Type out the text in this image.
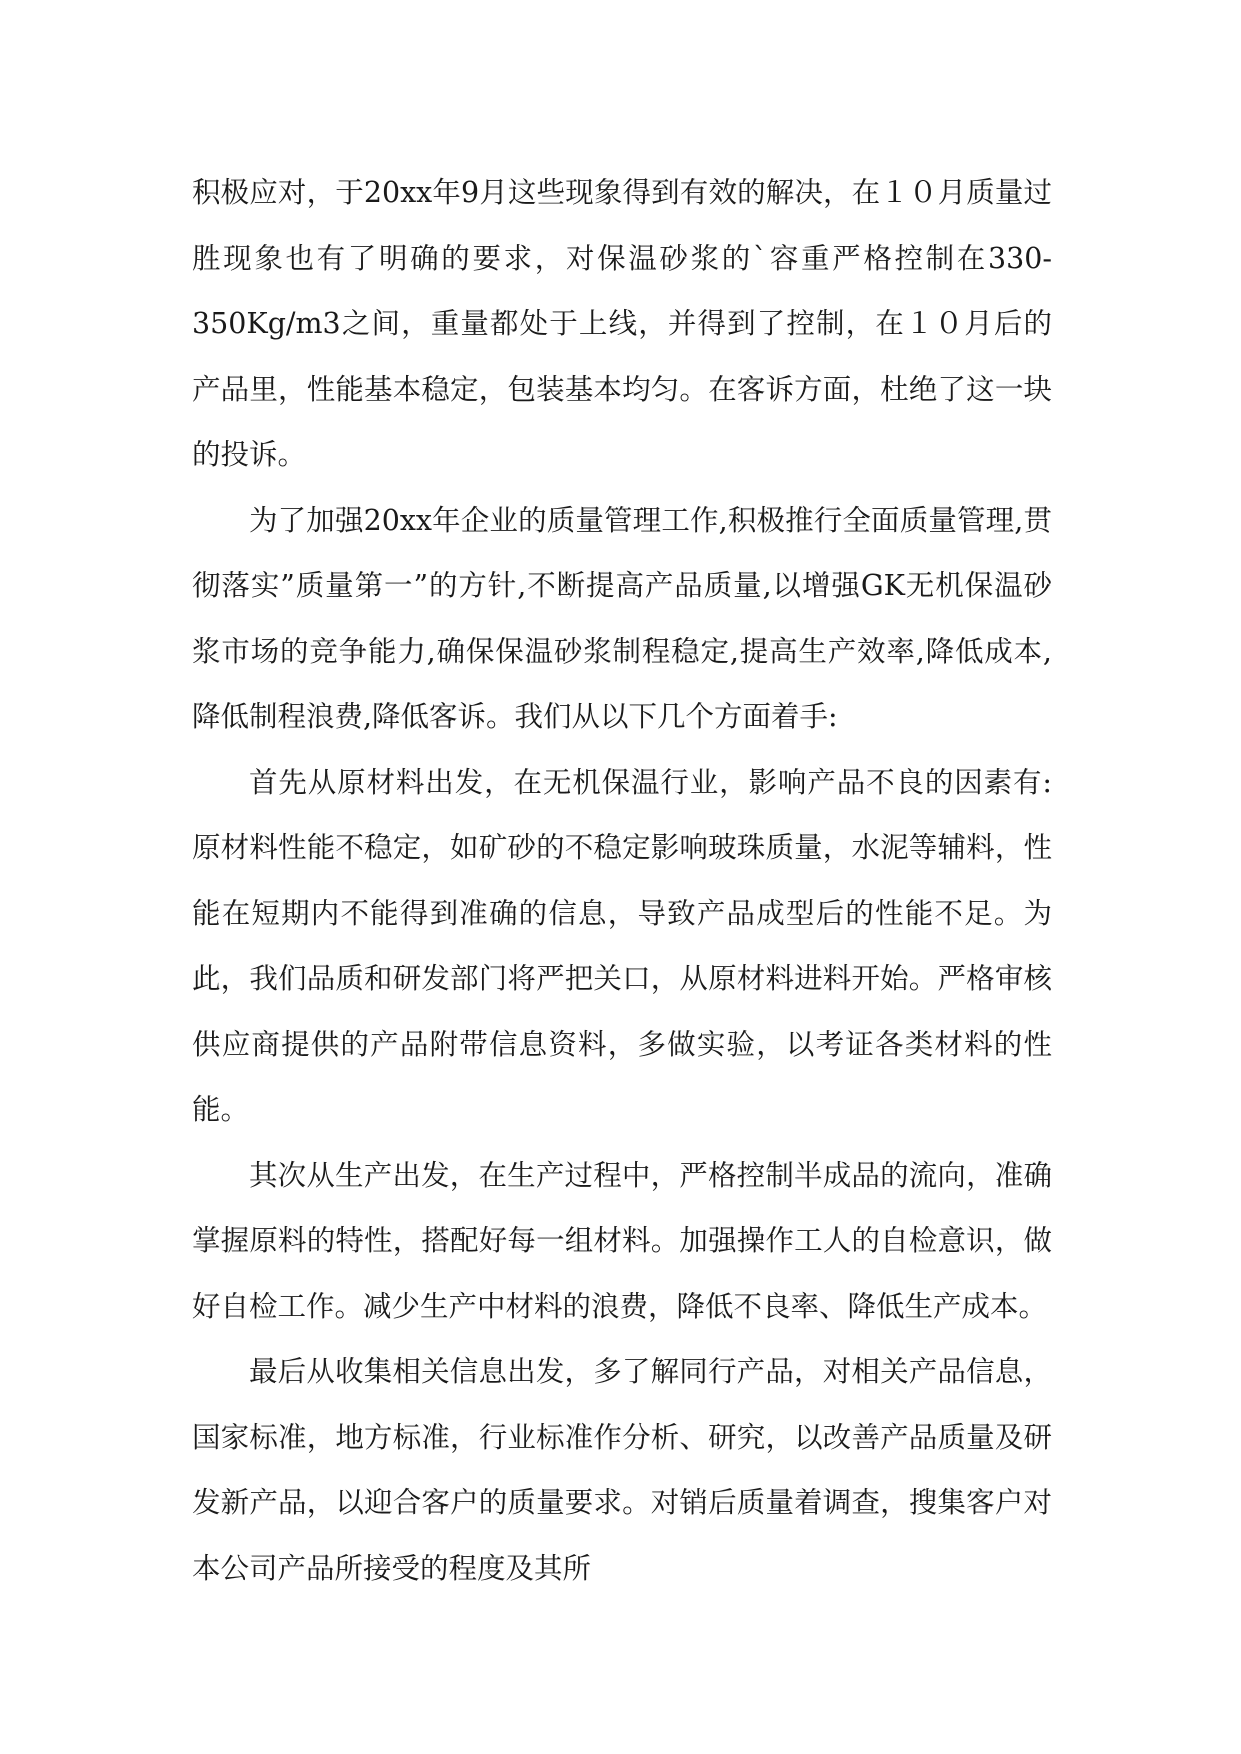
积极应对，于20xx年9月这些现象得到有效的解决，在１０月质量过胜现象也有了明确的要求，对保温砂浆的`容重严格控制在330-350Kg/m3之间，重量都处于上线，并得到了控制，在１０月后的产品里，性能基本稳定，包装基本均匀。在客诉方面，杜绝了这一块的投诉。

为了加强20xx年企业的质量管理工作,积极推行全面质量管理,贯彻落实”质量第一”的方针,不断提高产品质量,以增强GK无机保温砂浆市场的竞争能力,确保保温砂浆制程稳定,提高生产效率,降低成本,降低制程浪费,降低客诉。我们从以下几个方面着手:

首先从原材料出发，在无机保温行业，影响产品不良的因素有:原材料性能不稳定，如矿砂的不稳定影响玻珠质量，水泥等辅料，性能在短期内不能得到准确的信息，导致产品成型后的性能不足。为此，我们品质和研发部门将严把关口，从原材料进料开始。严格审核供应商提供的产品附带信息资料，多做实验，以考证各类材料的性能。

其次从生产出发，在生产过程中，严格控制半成品的流向，准确掌握原料的特性，搭配好每一组材料。加强操作工人的自检意识，做好自检工作。减少生产中材料的浪费，降低不良率、降低生产成本。

最后从收集相关信息出发，多了解同行产品，对相关产品信息，国家标准，地方标准，行业标准作分析、研究，以改善产品质量及研发新产品，以迎合客户的质量要求。对销后质量着调查，搜集客户对本公司产品所接受的程度及其所
